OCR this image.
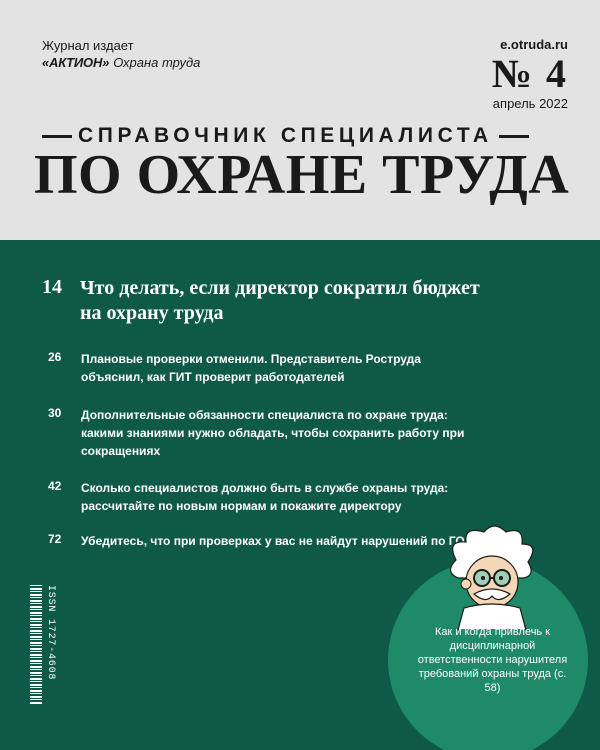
Журнал издает
«АКТИОН» Охрана труда
e.otruda.ru
№ 4
апрель 2022
СПРАВОЧНИК СПЕЦИАЛИСТА
ПО ОХРАНЕ ТРУДА
14 Что делать, если директор сократил бюджет на охрану труда
26	Плановые проверки отменили. Представитель Роструда объяснил, как ГИТ проверит работодателей
30	Дополнительные обязанности специалиста по охране труда: какими знаниями нужно обладать, чтобы сохранить работу при сокращениях
42	Сколько специалистов должно быть в службе охраны труда: рассчитайте по новым нормам и покажите директору
72	Убедитесь, что при проверках у вас не найдут нарушений по ГО
ISSN 1727-4608	Как и когда привлечь к дисциплинарной ответственности нарушителя требований охраны труда (с. 58)
